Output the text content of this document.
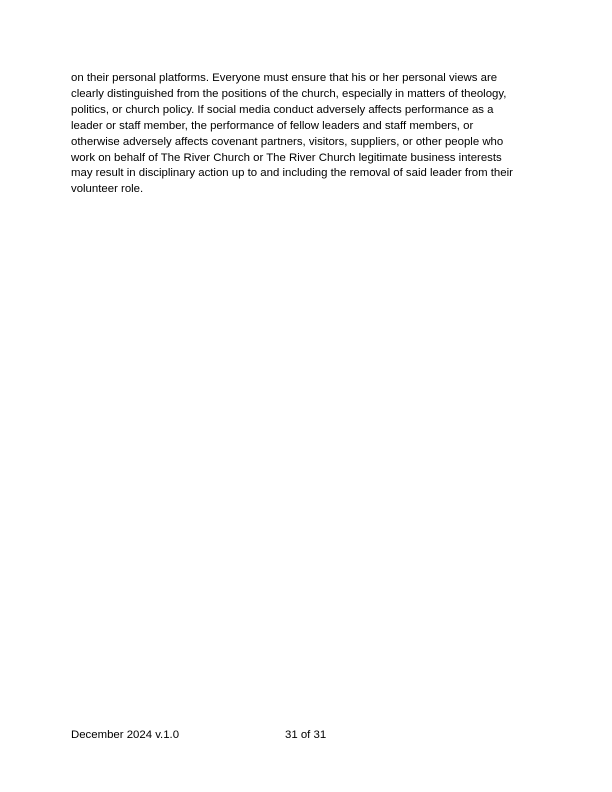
on their personal platforms. Everyone must ensure that his or her personal views are
clearly distinguished from the positions of the church, especially in matters of theology,
politics, or church policy. If social media conduct adversely affects performance as a
leader or staff member, the performance of fellow leaders and staff members, or
otherwise adversely affects covenant partners, visitors, suppliers, or other people who
work on behalf of The River Church or The River Church legitimate business interests
may result in disciplinary action up to and including the removal of said leader from their
volunteer role.

December 2024 v.1.0	31 of 31
